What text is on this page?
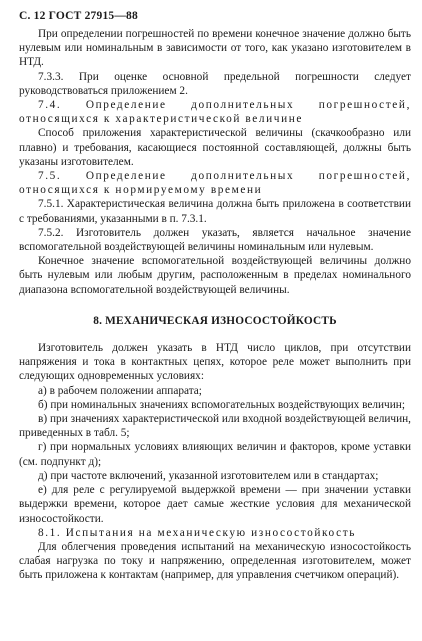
С. 12 ГОСТ 27915—88

При определении погрешностей по времени конечное значение должно быть нулевым или номинальным в зависимости от того, как указано изготовителем в НТД.

7.3.3. При оценке основной предельной погрешности следует руководствоваться приложением 2.

7.4. Определение дополнительных погрешностей, относящихся к характеристической величине

Способ приложения характеристической величины (скачкообразно или плавно) и требования, касающиеся постоянной составляющей, должны быть указаны изготовителем.

7.5. Определение дополнительных погрешностей, относящихся к нормируемому времени

7.5.1. Характеристическая величина должна быть приложена в соответствии с требованиями, указанными в п. 7.3.1.

7.5.2. Изготовитель должен указать, является начальное значение вспомогательной воздействующей величины номинальным или нулевым.

Конечное значение вспомогательной воздействующей величины должно быть нулевым или любым другим, расположенным в пределах номинального диапазона вспомогательной воздействующей величины.

8. МЕХАНИЧЕСКАЯ ИЗНОСОСТОЙКОСТЬ

Изготовитель должен указать в НТД число циклов, при отсутствии напряжения и тока в контактных цепях, которое реле может выполнить при следующих одновременных условиях:

а) в рабочем положении аппарата;

б) при номинальных значениях вспомогательных воздействующих величин;

в) при значениях характеристической или входной воздействующей величин, приведенных в табл. 5;

г) при нормальных условиях влияющих величин и факторов, кроме уставки (см. подпункт д);

д) при частоте включений, указанной изготовителем или в стандартах;

е) для реле с регулируемой выдержкой времени — при значении уставки выдержки времени, которое дает самые жесткие условия для механической износостойкости.

8.1. Испытания на механическую износостойкость

Для облегчения проведения испытаний на механическую износостойкость слабая нагрузка по току и напряжению, определенная изготовителем, может быть приложена к контактам (например, для управления счетчиком операций).
